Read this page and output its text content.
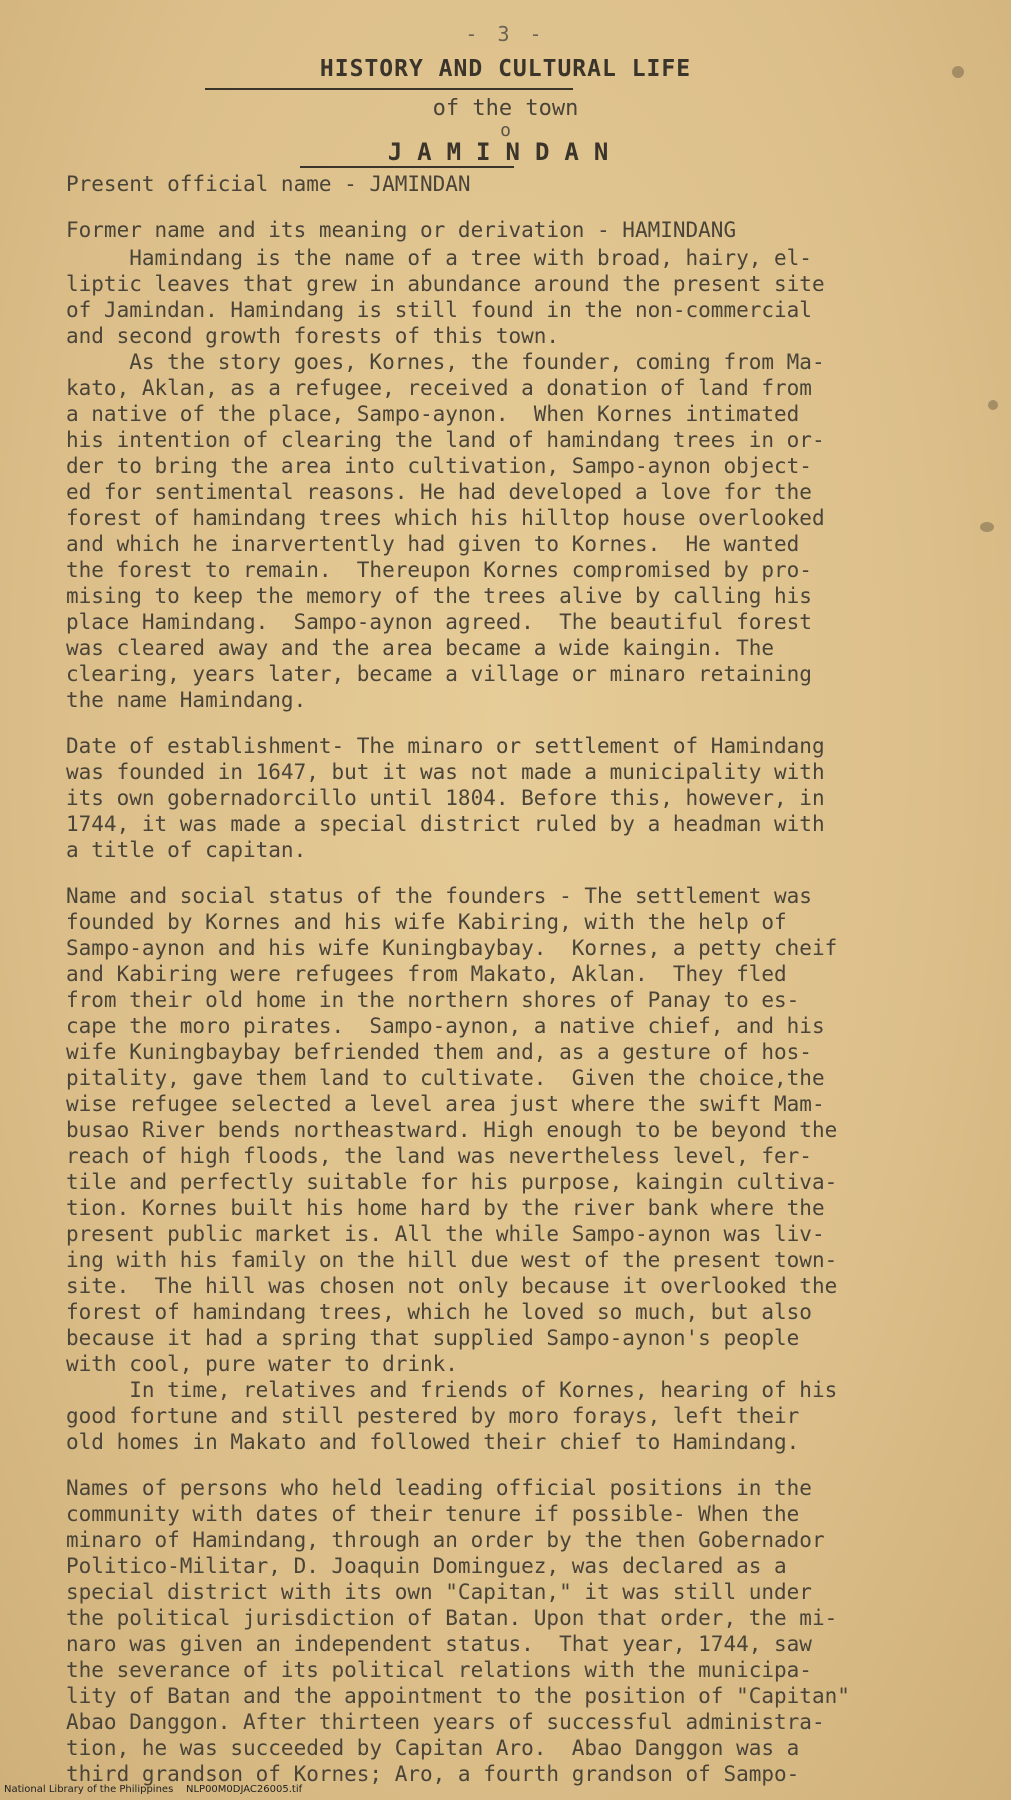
- 3 -
HISTORY AND CULTURAL LIFE
of the town
o
JAMINDAN
Present official name - JAMINDAN
Former name and its meaning or derivation - HAMINDANG
Hamindang is the name of a tree with broad, hairy, el-
liptic leaves that grew in abundance around the present site
of Jamindan. Hamindang is still found in the non-commercial
and second growth forests of this town.
As the story goes, Kornes, the founder, coming from Ma-
kato, Aklan, as a refugee, received a donation of land from
a native of the place, Sampo-aynon.  When Kornes intimated
his intention of clearing the land of hamindang trees in or-
der to bring the area into cultivation, Sampo-aynon object-
ed for sentimental reasons. He had developed a love for the
forest of hamindang trees which his hilltop house overlooked
and which he inarvertently had given to Kornes.  He wanted
the forest to remain.  Thereupon Kornes compromised by pro-
mising to keep the memory of the trees alive by calling his
place Hamindang.  Sampo-aynon agreed.  The beautiful forest
was cleared away and the area became a wide kaingin. The
clearing, years later, became a village or minaro retaining
the name Hamindang.
Date of establishment- The minaro or settlement of Hamindang
was founded in 1647, but it was not made a municipality with
its own gobernadorcillo until 1804. Before this, however, in
1744, it was made a special district ruled by a headman with
a title of capitan.
Name and social status of the founders - The settlement was
founded by Kornes and his wife Kabiring, with the help of
Sampo-aynon and his wife Kuningbaybay.  Kornes, a petty cheif
and Kabiring were refugees from Makato, Aklan.  They fled
from their old home in the northern shores of Panay to es-
cape the moro pirates.  Sampo-aynon, a native chief, and his
wife Kuningbaybay befriended them and, as a gesture of hos-
pitality, gave them land to cultivate.  Given the choice,the
wise refugee selected a level area just where the swift Mam-
busao River bends northeastward. High enough to be beyond the
reach of high floods, the land was nevertheless level, fer-
tile and perfectly suitable for his purpose, kaingin cultiva-
tion. Kornes built his home hard by the river bank where the
present public market is. All the while Sampo-aynon was liv-
ing with his family on the hill due west of the present town-
site.  The hill was chosen not only because it overlooked the
forest of hamindang trees, which he loved so much, but also
because it had a spring that supplied Sampo-aynon's people
with cool, pure water to drink.
In time, relatives and friends of Kornes, hearing of his
good fortune and still pestered by moro forays, left their
old homes in Makato and followed their chief to Hamindang.
Names of persons who held leading official positions in the
community with dates of their tenure if possible- When the
minaro of Hamindang, through an order by the then Gobernador
Politico-Militar, D. Joaquin Dominguez, was declared as a
special district with its own "Capitan," it was still under
the political jurisdiction of Batan. Upon that order, the mi-
naro was given an independent status.  That year, 1744, saw
the severance of its political relations with the municipa-
lity of Batan and the appointment to the position of "Capitan"
Abao Danggon. After thirteen years of successful administra-
tion, he was succeeded by Capitan Aro.  Abao Danggon was a
third grandson of Kornes; Aro, a fourth grandson of Sampo-
National Library of the Philippines    NLP00M0DJAC26005.tif
